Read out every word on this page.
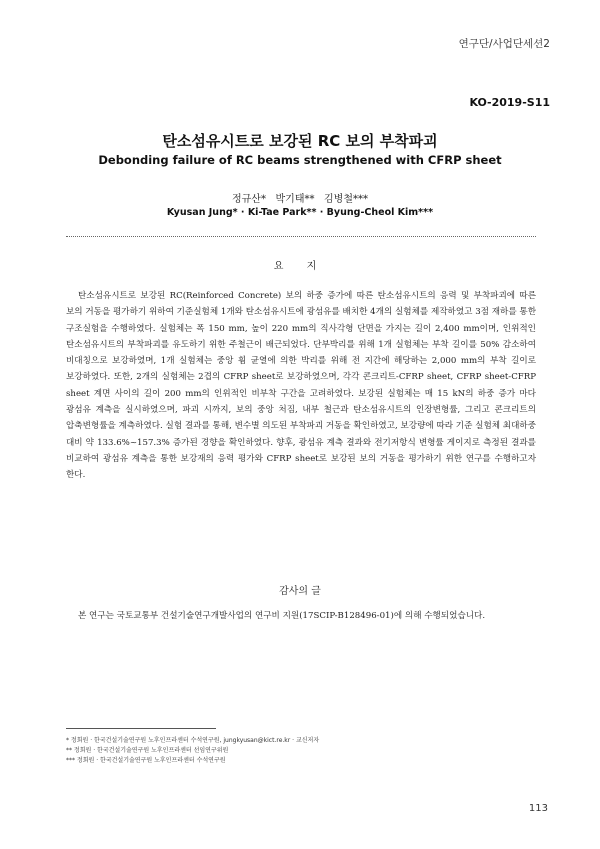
연구단/사업단세션2
KO-2019-S11
탄소섬유시트로 보강된 RC 보의 부착파괴
Debonding failure of RC beams strengthened with CFRP sheet
정규산*   박기태**   김병철***
Kyusan Jung* · Ki-Tae Park** · Byung-Cheol Kim***
요 지

탄소섬유시트로 보강된 RC(Reinforced Concrete) 보의 하중 증가에 따른 탄소섬유시트의 응력 및 부착파괴에 따른 보의 거동을 평가하기 위하여 기준실험체 1개와 탄소섬유시트에 광섬유를 배치한 4개의 실험체를 제작하였고 3점 재하를 통한 구조실험을 수행하였다. 실험체는 폭 150 mm, 높이 220 mm의 직사각형 단면을 가지는 길이 2,400 mm이며, 인위적인 탄소섬유시트의 부착파괴를 유도하기 위한 주철근이 배근되었다. 단부박리를 위해 1개 실험체는 부착 길이를 50% 감소하여 비대칭으로 보강하였며, 1개 실험체는 중앙 휨 균열에 의한 박리를 위해 전 지간에 해당하는 2,000 mm의 부착 길이로 보강하였다. 또한, 2개의 실험체는 2겹의 CFRP sheet로 보강하였으며, 각각 콘크리트-CFRP sheet, CFRP sheet-CFRP sheet 계면 사이의 길이 200 mm의 인위적인 비부착 구간을 고려하였다. 보강된 실험체는 매 15 kN의 하중 증가 마다 광섬유 계측을 실시하였으며, 파괴 시까지, 보의 중앙 처짐, 내부 철근과 탄소섬유시트의 인장변형률, 그리고 콘크리트의 압축변형률을 계측하였다. 실험 결과를 통해, 변수별 의도된 부착파괴 거동을 확인하였고, 보강량에 따라 기준 실험체 최대하중 대비 약 133.6%~157.3% 증가된 경향을 확인하였다. 향후, 광섬유 계측 결과와 전기저항식 변형률 게이지로 측정된 결과를 비교하여 광섬유 계측을 통한 보강재의 응력 평가와 CFRP sheet로 보강된 보의 거동을 평가하기 위한 연구를 수행하고자 한다.

감사의 글

본 연구는 국토교통부 건설기술연구개발사업의 연구비 지원(17SCIP-B128496-01)에 의해 수행되었습니다.

* 정회원 · 한국건설기술연구원 노후인프라센터 수석연구원, jungkyusan@kict.re.kr · 교신저자
** 정회원 · 한국건설기술연구원 노후인프라센터 선임연구위원
*** 정회원 · 한국건설기술연구원 노후인프라센터 수석연구원
113
